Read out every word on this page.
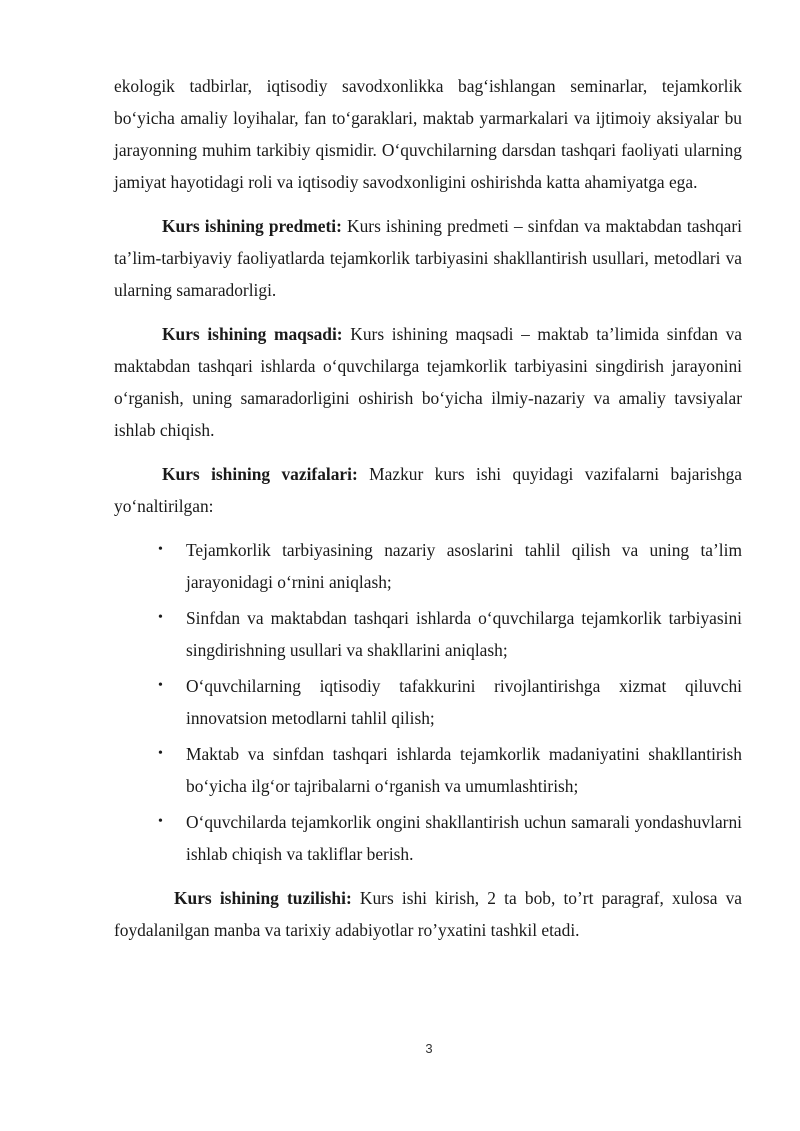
ekologik tadbirlar, iqtisodiy savodxonlikka bag‘ishlangan seminarlar, tejamkorlik bo‘yicha amaliy loyihalar, fan to‘garaklari, maktab yarmarkalari va ijtimoiy aksiyalar bu jarayonning muhim tarkibiy qismidir. O‘quvchilarning darsdan tashqari faoliyati ularning jamiyat hayotidagi roli va iqtisodiy savodxonligini oshirishda katta ahamiyatga ega.

Kurs ishining predmeti: Kurs ishining predmeti – sinfdan va maktabdan tashqari ta’lim-tarbiyaviy faoliyatlarda tejamkorlik tarbiyasini shakllantirish usullari, metodlari va ularning samaradorligi.

Kurs ishining maqsadi: Kurs ishining maqsadi – maktab ta’limida sinfdan va maktabdan tashqari ishlarda o‘quvchilarga tejamkorlik tarbiyasini singdirish jarayonini o‘rganish, uning samaradorligini oshirish bo‘yicha ilmiy-nazariy va amaliy tavsiyalar ishlab chiqish.

Kurs ishining vazifalari: Mazkur kurs ishi quyidagi vazifalarni bajarishga yo‘naltirilgan:

• Tejamkorlik tarbiyasining nazariy asoslarini tahlil qilish va uning ta’lim jarayonidagi o‘rnini aniqlash;
• Sinfdan va maktabdan tashqari ishlarda o‘quvchilarga tejamkorlik tarbiyasini singdirishning usullari va shakllarini aniqlash;
• O‘quvchilarning iqtisodiy tafakkurini rivojlantirishga xizmat qiluvchi innovatsion metodlarni tahlil qilish;
• Maktab va sinfdan tashqari ishlarda tejamkorlik madaniyatini shakllantirish bo‘yicha ilg‘or tajribalarni o‘rganish va umumlashtirish;
• O‘quvchilarda tejamkorlik ongini shakllantirish uchun samarali yondashuvlarni ishlab chiqish va takliflar berish.

Kurs ishining tuzilishi: Kurs ishi kirish, 2 ta bob, to’rt paragraf, xulosa va foydalanilgan manba va tarixiy adabiyotlar ro’yxatini tashkil etadi.

3
